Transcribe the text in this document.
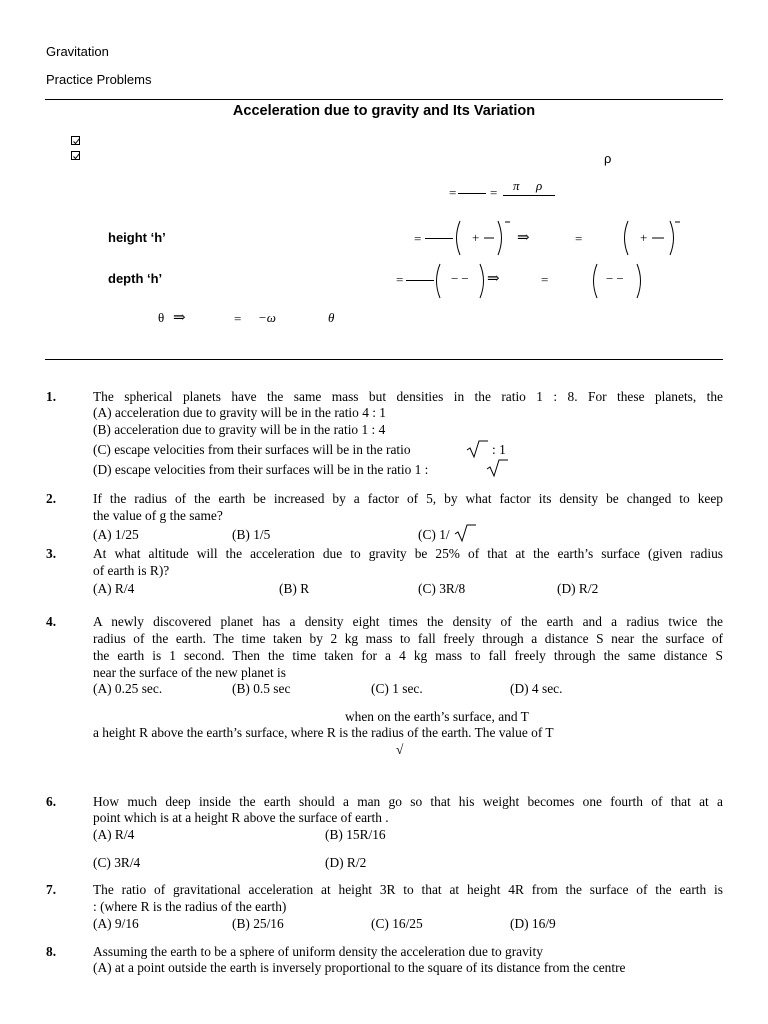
Gravitation
Practice Problems
Acceleration due to gravity and Its Variation
ρ
=	= π ρ
height ‘h’	=	+	⇒	=	+
depth ‘h’	=	−− ⇒	=	−−
θ ⇒	= −ω	θ
1.	The spherical planets have the same mass but densities in the ratio 1 : 8. For these planets, the
(A) acceleration due to gravity will be in the ratio 4 : 1
(B) acceleration due to gravity will be in the ratio 1 : 4
(C) escape velocities from their surfaces will be in the ratio	: 1
(D) escape velocities from their surfaces will be in the ratio 1 :
2.	If the radius of the earth be increased by a factor of 5, by what factor its density be changed to keep
the value of g the same?
(A) 1/25	(B) 1/5	(C) 1/
3.	At what altitude will the acceleration due to gravity be 25% of that at the earth’s surface (given radius
of earth is R)?
(A) R/4	(B) R	(C) 3R/8	(D) R/2
4.	A newly discovered planet has a density eight times the density of the earth and a radius twice the
radius of the earth. The time taken by 2 kg mass to fall freely through a distance S near the surface of
the earth is 1 second. Then the time taken for a 4 kg mass to fall freely through the same distance S
near the surface of the new planet is
(A) 0.25 sec.	(B) 0.5 sec	(C) 1 sec.	(D) 4 sec.
when on the earth’s surface, and T
a height R above the earth’s surface, where R is the radius of the earth. The value of T
√
6.	How much deep inside the earth should a man go so that his weight becomes one fourth of that at a
point which is at a height R above the surface of earth .
(A) R/4	(B) 15R/16
(C) 3R/4	(D) R/2
7.	The ratio of gravitational acceleration at height 3R to that at height 4R from the surface of the earth is
: (where R is the radius of the earth)
(A) 9/16	(B) 25/16	(C) 16/25	(D) 16/9
8.	Assuming the earth to be a sphere of uniform density the acceleration due to gravity
(A) at a point outside the earth is inversely proportional to the square of its distance from the centre
